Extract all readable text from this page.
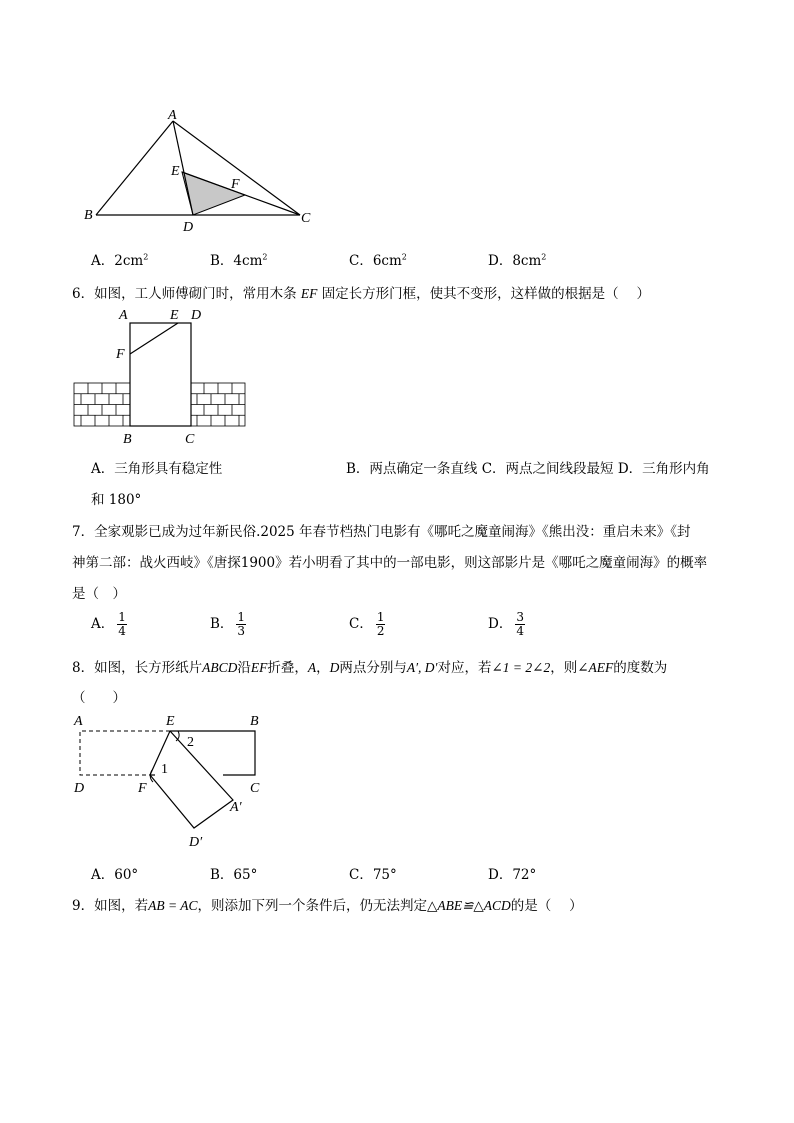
A
E
F
B	C
D
A．$2cm^2$	B．$4cm^2$	C．$6cm^2$	D．$8cm^2$
6．如图，工人师傅砌门时，常用木条 EF 固定长方形门框，使其不变形，这样做的根据是（　 ）
A	E D
F
B	C
A．三角形具有稳定性	B．两点确定一条直线 C．两点之间线段最短 D．三角形内角
和 180°
7．全家观影已成为过年新民俗.2025 年春节档热门电影有《哪吒之魔童闹海》《熊出没：重启未来》《封
神第二部：战火西岐》《唐探1900》若小明看了其中的一部电影，则这部影片是《哪吒之魔童闹海》的概率
是（　）
A． $\frac{1}{4}$	B． $\frac{1}{3}$	C． $\frac{1}{2}$	D． $\frac{3}{4}$
8．如图，长方形纸片ABCD沿EF折叠，A，D两点分别与A′, D′对应，若∠1 = 2∠2，则∠AEF的度数为
（　　）
A	E	B
2
1
D	F	C
A′
D′
A．60°	B．65°	C．75°	D．72°
9．如图，若AB = AC，则添加下列一个条件后，仍无法判定△ABE≌△ACD的是（　 ）
